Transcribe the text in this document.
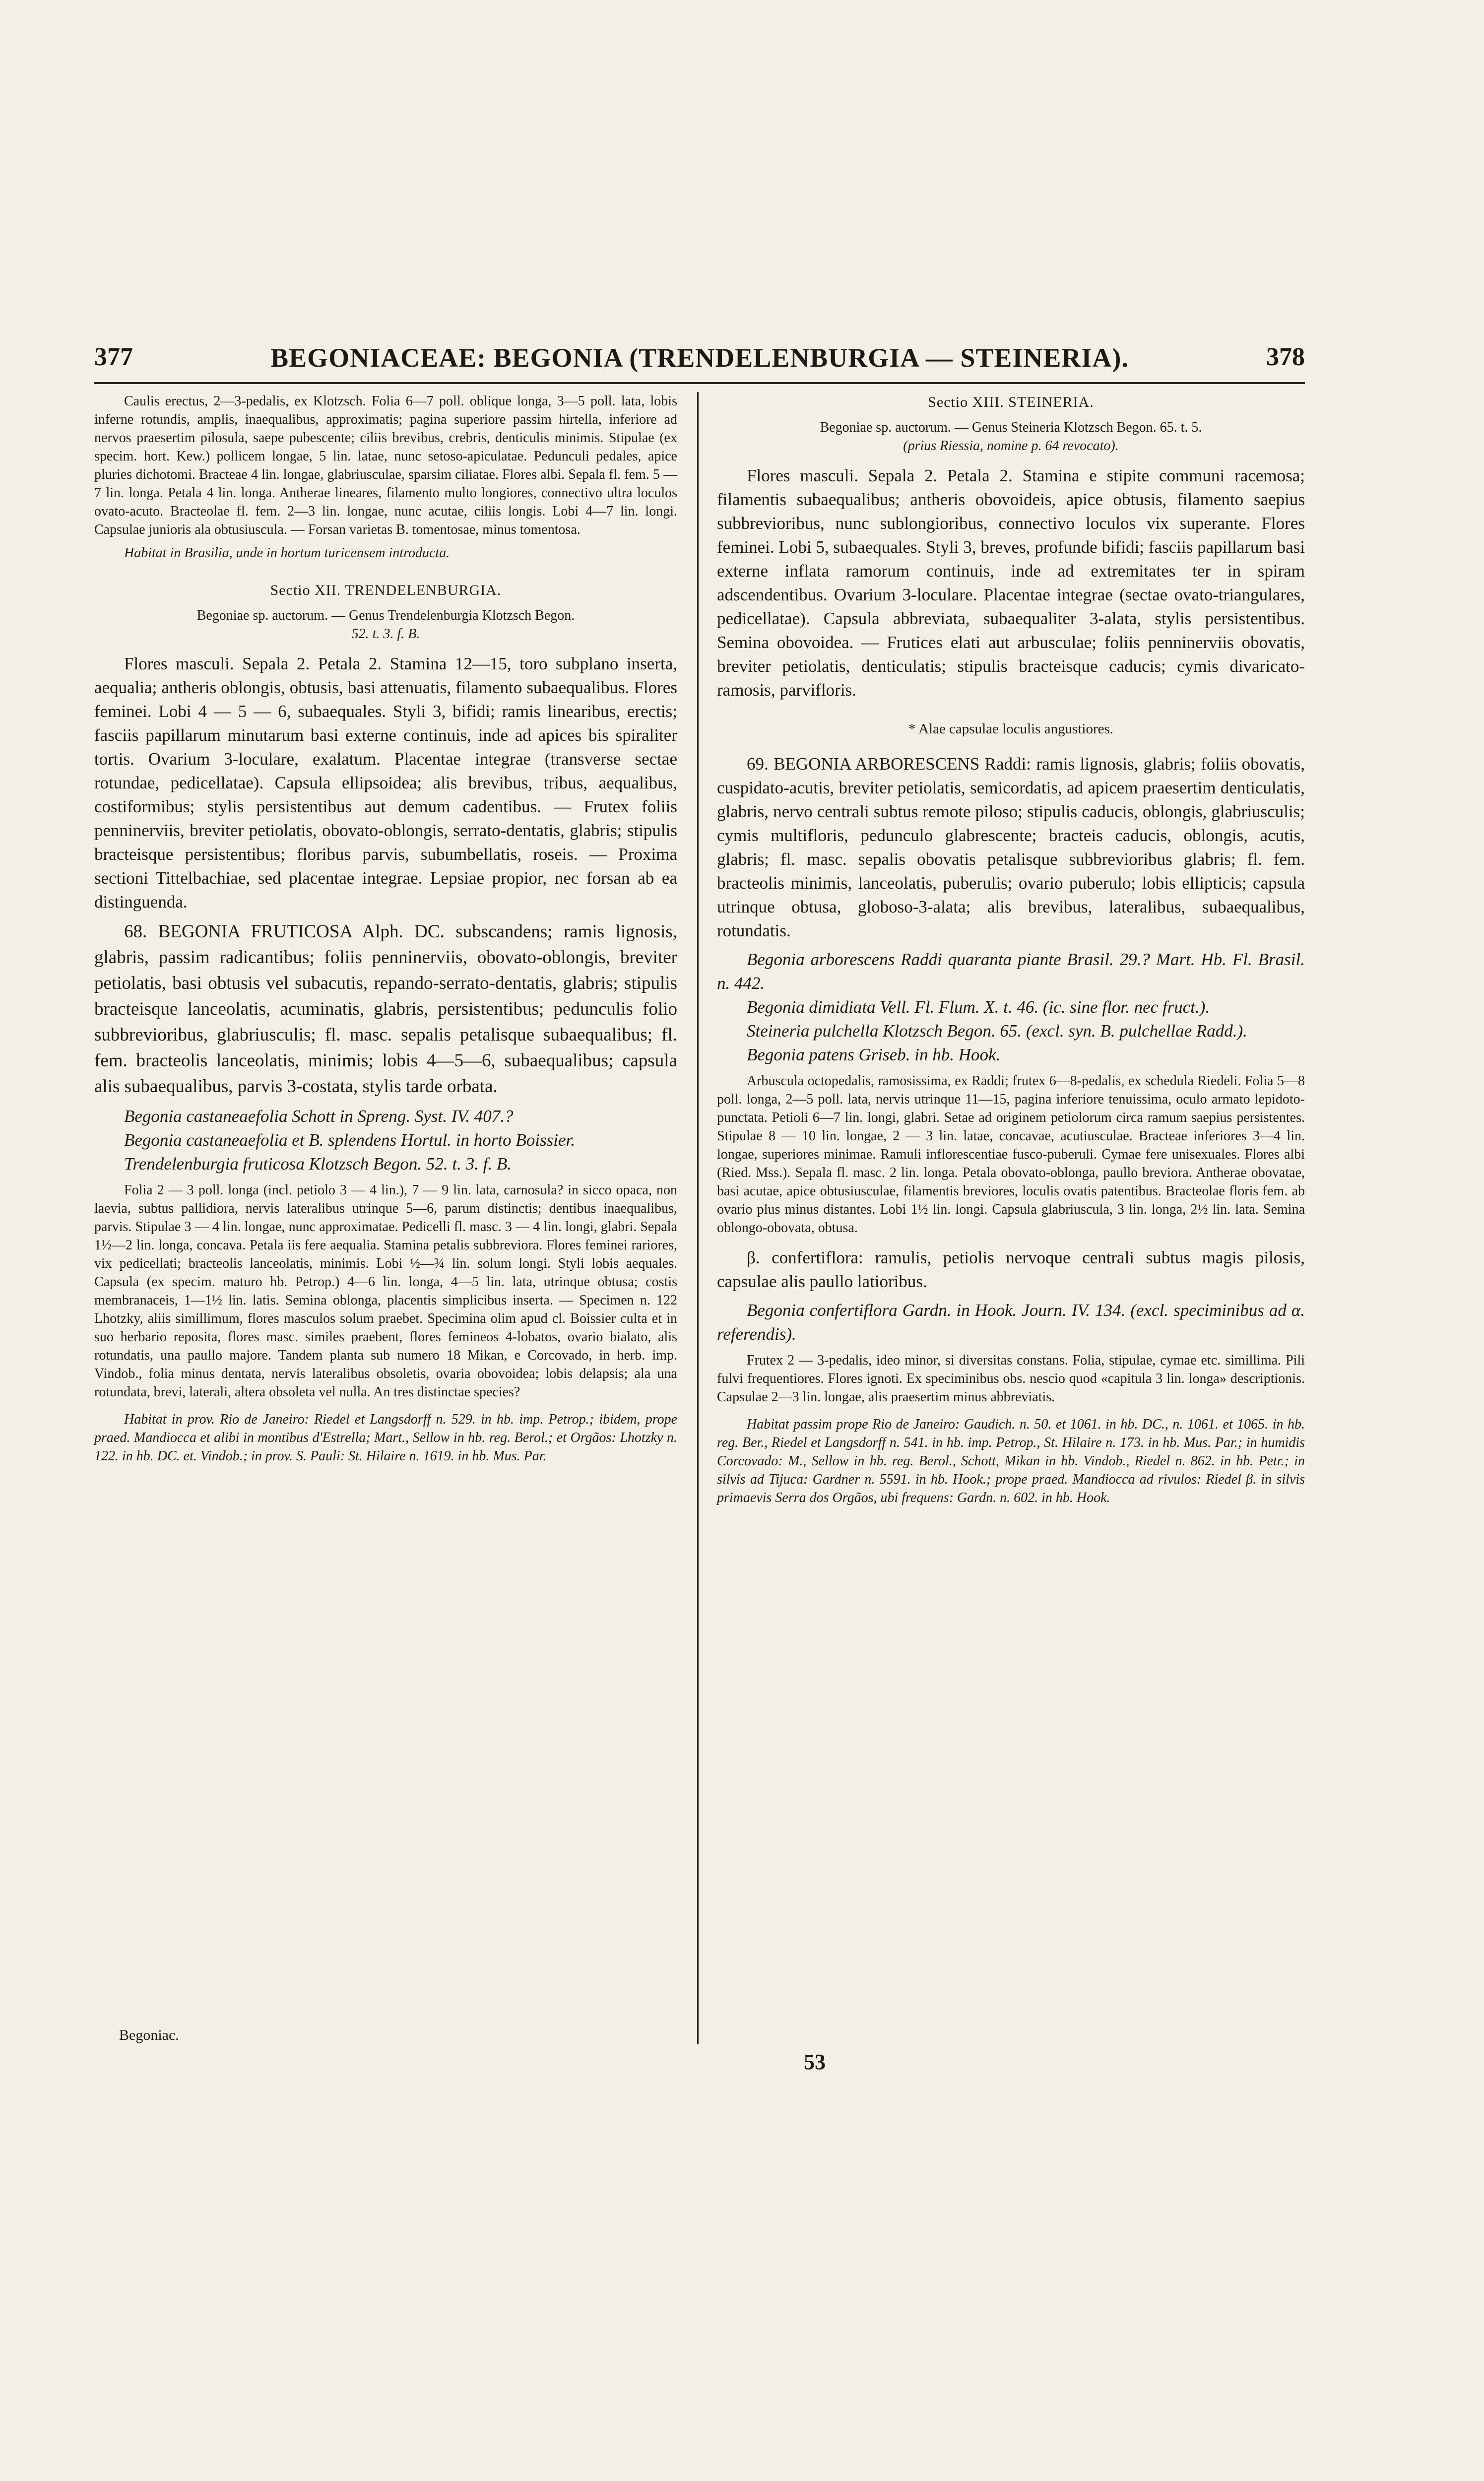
377	BEGONIACEAE: BEGONIA (TRENDELENBURGIA — STEINERIA).	378

Caulis erectus, 2—3-pedalis, ex Klotzsch. Folia 6—7 poll. oblique longa, 3—5 poll. lata, lobis inferne rotundis, amplis, inaequalibus, approximatis; pagina superiore passim hirtella, inferiore ad nervos praesertim pilosula, saepe pubescente; ciliis brevibus, crebris, denticulis minimis. Stipulae (ex specim. hort. Kew.) pollicem longae, 5 lin. latae, nunc setoso-apiculatae. Pedunculi pedales, apice pluries dichotomi. Bracteae 4 lin. longae, glabriusculae, sparsim ciliatae. Flores albi. Sepala fl. fem. 5 — 7 lin. longa. Petala 4 lin. longa. Antherae lineares, filamento multo longiores, connectivo ultra loculos ovato-acuto. Bracteolae fl. fem. 2—3 lin. longae, nunc acutae, ciliis longis. Lobi 4—7 lin. longi. Capsulae junioris ala obtusiuscula. — Forsan varietas B. tomentosae, minus tomentosa.

Habitat in Brasilia, unde in hortum turicensem introducta.

Sectio XII. TRENDELENBURGIA.
Begoniae sp. auctorum. — Genus Trendelenburgia Klotzsch Begon.
52. t. 3. f. B.

Flores masculi. Sepala 2. Petala 2. Stamina 12—15, toro subplano inserta, aequalia; antheris oblongis, obtusis, basi attenuatis, filamento subaequalibus. Flores feminei. Lobi 4 — 5 — 6, subaequales. Styli 3, bifidi; ramis linearibus, erectis; fasciis papillarum minutarum basi externe continuis, inde ad apices bis spiraliter tortis. Ovarium 3-loculare, exalatum. Placentae integrae (transverse sectae rotundae, pedicellatae). Capsula ellipsoidea; alis brevibus, tribus, aequalibus, costiformibus; stylis persistentibus aut demum cadentibus. — Frutex foliis penninerviis, breviter petiolatis, obovato-oblongis, serrato-dentatis, glabris; stipulis bracteisque persistentibus; floribus parvis, subumbellatis, roseis. — Proxima sectioni Tittelbachiae, sed placentae integrae. Lepsiae propior, nec forsan ab ea distinguenda.

68. BEGONIA FRUTICOSA Alph. DC. subscandens; ramis lignosis, glabris, passim radicantibus; foliis penninerviis, obovato-oblongis, breviter petiolatis, basi obtusis vel subacutis, repando-serrato-dentatis, glabris; stipulis bracteisque lanceolatis, acuminatis, glabris, persistentibus; pedunculis folio subbrevioribus, glabriusculis; fl. masc. sepalis petalisque subaequalibus; fl. fem. bracteolis lanceolatis, minimis; lobis 4—5—6, subaequalibus; capsula alis subaequalibus, parvis 3-costata, stylis tarde orbata.

Begonia castaneaefolia Schott in Spreng. Syst. IV. 407.?

Begonia castaneaefolia et B. splendens Hortul. in horto Boissier.

Trendelenburgia fruticosa Klotzsch Begon. 52. t. 3. f. B.

Folia 2 — 3 poll. longa (incl. petiolo 3 — 4 lin.), 7 — 9 lin. lata, carnosula? in sicco opaca, non laevia, subtus pallidiora, nervis lateralibus utrinque 5—6, parum distinctis; dentibus inaequalibus, parvis. Stipulae 3 — 4 lin. longae, nunc approximatae. Pedicelli fl. masc. 3 — 4 lin. longi, glabri. Sepala 1½—2 lin. longa, concava. Petala iis fere aequalia. Stamina petalis subbreviora. Flores feminei rariores, vix pedicellati; bracteolis lanceolatis, minimis. Lobi ½—¾ lin. solum longi. Styli lobis aequales. Capsula (ex specim. maturo hb. Petrop.) 4—6 lin. longa, 4—5 lin. lata, utrinque obtusa; costis membranaceis, 1—1½ lin. latis. Semina oblonga, placentis simplicibus inserta. — Specimen n. 122 Lhotzky, aliis simillimum, flores masculos solum praebet. Specimina olim apud cl. Boissier culta et in suo herbario reposita, flores masc. similes praebent, flores femineos 4-lobatos, ovario bialato, alis rotundatis, una paullo majore. Tandem planta sub numero 18 Mikan, e Corcovado, in herb. imp. Vindob., folia minus dentata, nervis lateralibus obsoletis, ovaria obovoidea; lobis delapsis; ala una rotundata, brevi, laterali, altera obsoleta vel nulla. An tres distinctae species?

Habitat in prov. Rio de Janeiro: Riedel et Langsdorff n. 529. in hb. imp. Petrop.; ibidem, prope praed. Mandiocca et alibi in montibus d'Estrella; Mart., Sellow in hb. reg. Berol.; et Orgãos: Lhotzky n. 122. in hb. DC. et. Vindob.; in prov. S. Pauli: St. Hilaire n. 1619. in hb. Mus. Par.

Sectio XIII. STEINERIA.
Begoniae sp. auctorum. — Genus Steineria Klotzsch Begon. 65. t. 5.
(prius Riessia, nomine p. 64 revocato).

Flores masculi. Sepala 2. Petala 2. Stamina e stipite communi racemosa; filamentis subaequalibus; antheris obovoideis, apice obtusis, filamento saepius subbrevioribus, nunc sublongioribus, connectivo loculos vix superante. Flores feminei. Lobi 5, subaequales. Styli 3, breves, profunde bifidi; fasciis papillarum basi externe inflata ramorum continuis, inde ad extremitates ter in spiram adscendentibus. Ovarium 3-loculare. Placentae integrae (sectae ovato-triangulares, pedicellatae). Capsula abbreviata, subaequaliter 3-alata, stylis persistentibus. Semina obovoidea. — Frutices elati aut arbusculae; foliis penninerviis obovatis, breviter petiolatis, denticulatis; stipulis bracteisque caducis; cymis divaricato-ramosis, parvifloris.

* Alae capsulae loculis angustiores.

69. BEGONIA ARBORESCENS Raddi: ramis lignosis, glabris; foliis obovatis, cuspidato-acutis, breviter petiolatis, semicordatis, ad apicem praesertim denticulatis, glabris, nervo centrali subtus remote piloso; stipulis caducis, oblongis, glabriusculis; cymis multifloris, pedunculo glabrescente; bracteis caducis, oblongis, acutis, glabris; fl. masc. sepalis obovatis petalisque subbrevioribus glabris; fl. fem. bracteolis minimis, lanceolatis, puberulis; ovario puberulo; lobis ellipticis; capsula utrinque obtusa, globoso-3-alata; alis brevibus, lateralibus, subaequalibus, rotundatis.

Begonia arborescens Raddi quaranta piante Brasil. 29.? Mart. Hb. Fl. Brasil. n. 442.

Begonia dimidiata Vell. Fl. Flum. X. t. 46. (ic. sine flor. nec fruct.).

Steineria pulchella Klotzsch Begon. 65. (excl. syn. B. pulchellae Radd.).

Begonia patens Griseb. in hb. Hook.

Arbuscula octopedalis, ramosissima, ex Raddi; frutex 6—8-pedalis, ex schedula Riedeli. Folia 5—8 poll. longa, 2—5 poll. lata, nervis utrinque 11—15, pagina inferiore tenuissima, oculo armato lepidoto-punctata. Petioli 6—7 lin. longi, glabri. Setae ad originem petiolorum circa ramum saepius persistentes. Stipulae 8 — 10 lin. longae, 2 — 3 lin. latae, concavae, acutiusculae. Bracteae inferiores 3—4 lin. longae, superiores minimae. Ramuli inflorescentiae fusco-puberuli. Cymae fere unisexuales. Flores albi (Ried. Mss.). Sepala fl. masc. 2 lin. longa. Petala obovato-oblonga, paullo breviora. Antherae obovatae, basi acutae, apice obtusiusculae, filamentis breviores, loculis ovatis patentibus. Bracteolae floris fem. ab ovario plus minus distantes. Lobi 1½ lin. longi. Capsula glabriuscula, 3 lin. longa, 2½ lin. lata. Semina oblongo-obovata, obtusa.

β. confertiflora: ramulis, petiolis nervoque centrali subtus magis pilosis, capsulae alis paullo latioribus.

Begonia confertiflora Gardn. in Hook. Journ. IV. 134. (excl. speciminibus ad α. referendis).

Frutex 2 — 3-pedalis, ideo minor, si diversitas constans. Folia, stipulae, cymae etc. simillima. Pili fulvi frequentiores. Flores ignoti. Ex speciminibus obs. nescio quod «capitula 3 lin. longa» descriptionis. Capsulae 2—3 lin. longae, alis praesertim minus abbreviatis.

Habitat passim prope Rio de Janeiro: Gaudich. n. 50. et 1061. in hb. DC., n. 1061. et 1065. in hb. reg. Ber., Riedel et Langsdorff n. 541. in hb. imp. Petrop., St. Hilaire n. 173. in hb. Mus. Par.; in humidis Corcovado: M., Sellow in hb. reg. Berol., Schott, Mikan in hb. Vindob., Riedel n. 862. in hb. Petr.; in silvis ad Tijuca: Gardner n. 5591. in hb. Hook.; prope praed. Mandiocca ad rivulos: Riedel β. in silvis primaevis Serra dos Orgãos, ubi frequens: Gardn. n. 602. in hb. Hook.

Begoniac.
53
